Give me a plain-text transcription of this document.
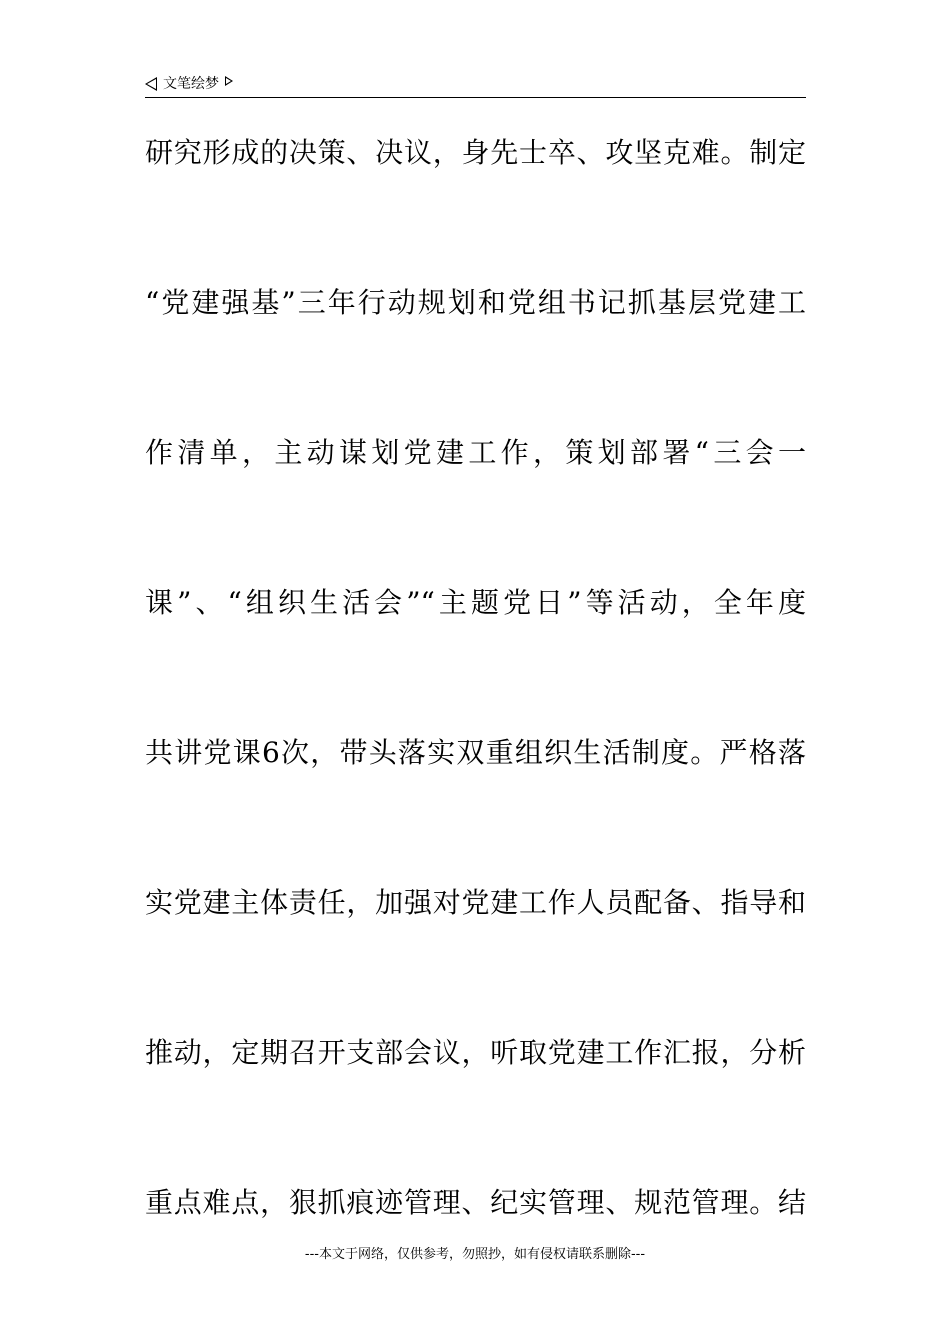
文笔绘梦
研究形成的决策、决议，身先士卒、攻坚克难。制定
“党建强基”三年行动规划和党组书记抓基层党建工
作清单，主动谋划党建工作，策划部署“三会一
课”、“组织生活会”“主题党日”等活动，全年度
共讲党课6次，带头落实双重组织生活制度。严格落
实党建主体责任，加强对党建工作人员配备、指导和
推动，定期召开支部会议，听取党建工作汇报，分析
重点难点，狠抓痕迹管理、纪实管理、规范管理。结
---本文于网络，仅供参考，勿照抄，如有侵权请联系删除---
